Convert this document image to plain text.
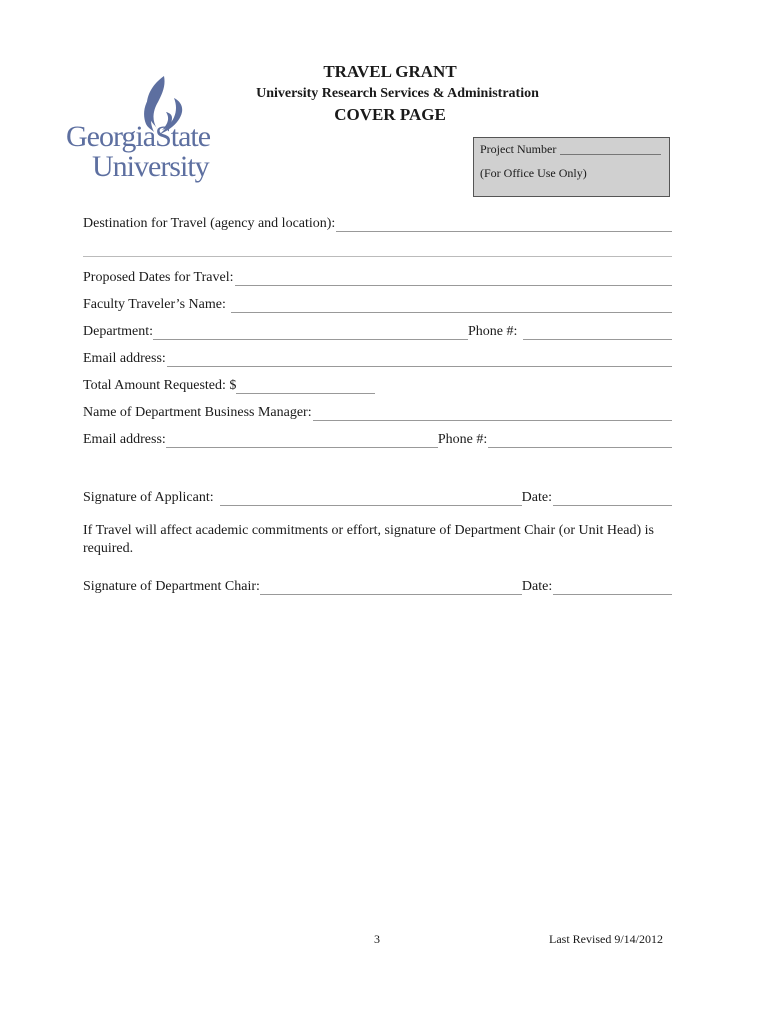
GeorgiaState
University
TRAVEL GRANT
University Research Services & Administration
COVER PAGE
Project Number
(For Office Use Only)
Destination for Travel (agency and location):
Proposed Dates for Travel:
Faculty Traveler’s Name:
Department:	Phone #:
Email address:
Total Amount Requested: $
Name of Department Business Manager:
Email address:	Phone #:
Signature of Applicant:	Date:
If Travel will affect academic commitments or effort, signature of Department Chair (or Unit Head) is required.
Signature of Department Chair:	Date:
3	Last Revised 9/14/2012
